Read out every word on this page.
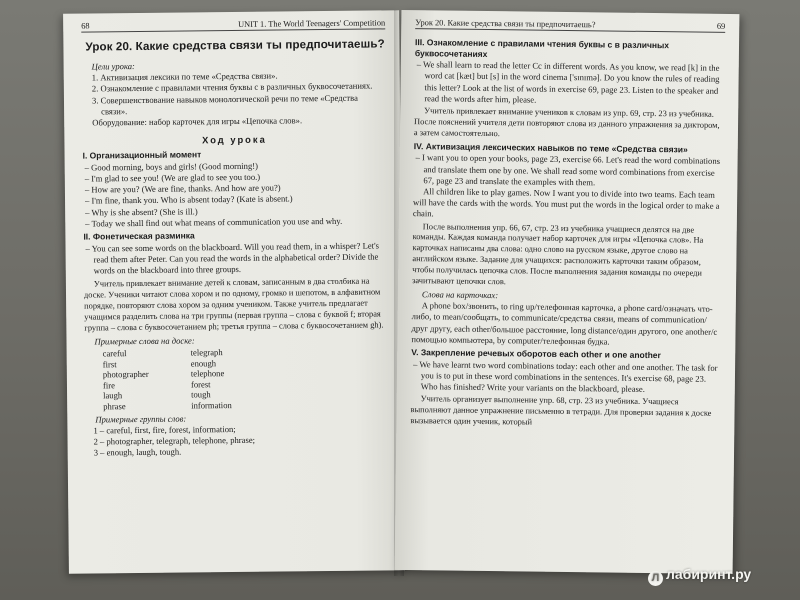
68	UNIT 1. The World Teenagers' Competition
Урок 20. Какие средства связи ты предпочитаешь?

Цели урока:

1. Активизация лексики по теме «Средства связи».

2. Ознакомление с правилами чтения буквы с в различных буквосочетаниях.

3. Совершенствование навыков монологической речи по теме «Средства связи».

Оборудование: набор карточек для игры «Цепочка слов».

Ход урока
I. Организационный момент

– Good morning, boys and girls! (Good morning!)

– I'm glad to see you! (We are glad to see you too.)

– How are you? (We are fine, thanks. And how are you?)

– I'm fine, thank you. Who is absent today? (Kate is absent.)

– Why is she absent? (She is ill.)

– Today we shall find out what means of communication you use and why.

II. Фонетическая разминка

– You can see some words on the blackboard. Will you read them, in a whisper? Let's read them after Peter. Can you read the words in the alphabetical order? Divide the words on the blackboard into three groups.

Учитель привлекает внимание детей к словам, записанным в два столбика на доске. Ученики читают слова хором и по одному, громко и шепотом, в алфавитном порядке, повторяют слова хором за одним учеником. Также учитель предлагает учащимся разделить слова на три группы (первая группа – слова с буквой f; вторая группа – слова с буквосочетанием ph; третья группа – слова с буквосочетанием gh).

Примерные слова на доске:

careful	telegraph

first	enough

photographer	telephone

fire	forest

laugh	tough

phrase	information

Примерные группы слов:

1 – careful, first, fire, forest, information;

2 – photographer, telegraph, telephone, phrase;

3 – enough, laugh, tough.

Урок 20. Какие средства связи ты предпочитаешь?	69
III. Ознакомление с правилами чтения буквы с в различных буквосочетаниях

– We shall learn to read the letter Cc in different words. As you know, we read [k] in the word cat [kæt] but [s] in the word cinema ['sɪnɪmə]. Do you know the rules of reading this letter? Look at the list of words in exercise 69, page 23. Listen to the speaker and read the words after him, please.

Учитель привлекает внимание учеников к словам из упр. 69, стр. 23 из учебника. После пояснений учителя дети повторяют слова из данного упражнения за диктором, а затем самостоятельно.

IV. Активизация лексических навыков по теме «Средства связи»

– I want you to open your books, page 23, exercise 66. Let's read the word combinations and translate them one by one. We shall read some word combinations from exercise 67, page 23 and translate the examples with them.

All children like to play games. Now I want you to divide into two teams. Each team will have the cards with the words. You must put the words in the logical order to make a chain.

После выполнения упр. 66, 67, стр. 23 из учебника учащиеся делятся на две команды. Каждая команда получает набор карточек для игры «Цепочка слов». На карточках написаны два слова: одно слово на русском языке, другое слово на английском языке. Задание для учащихся: расположить карточки таким образом, чтобы получилась цепочка слов. После выполнения задания команды по очереди зачитывают цепочки слов.

Слова на карточках:

A phone box/звонить, to ring up/телефонная карточка, a phone card/означать что-либо, to mean/сообщать, to communicate/средства связи, means of communication/друг другу, each other/большое расстояние, long distance/один другого, one another/с помощью компьютера, by computer/телефонная будка.

V. Закрепление речевых оборотов each other и one another

– We have learnt two word combinations today: each other and one another. The task for you is to put in these word combinations in the sentences. It's exercise 68, page 23. Who has finished? Write your variants on the blackboard, please.

Учитель организует выполнение упр. 68, стр. 23 из учебника. Учащиеся выполняют данное упражнение письменно в тетради. Для проверки задания к доске вызывается один ученик, который

Л лабиринт.ру
